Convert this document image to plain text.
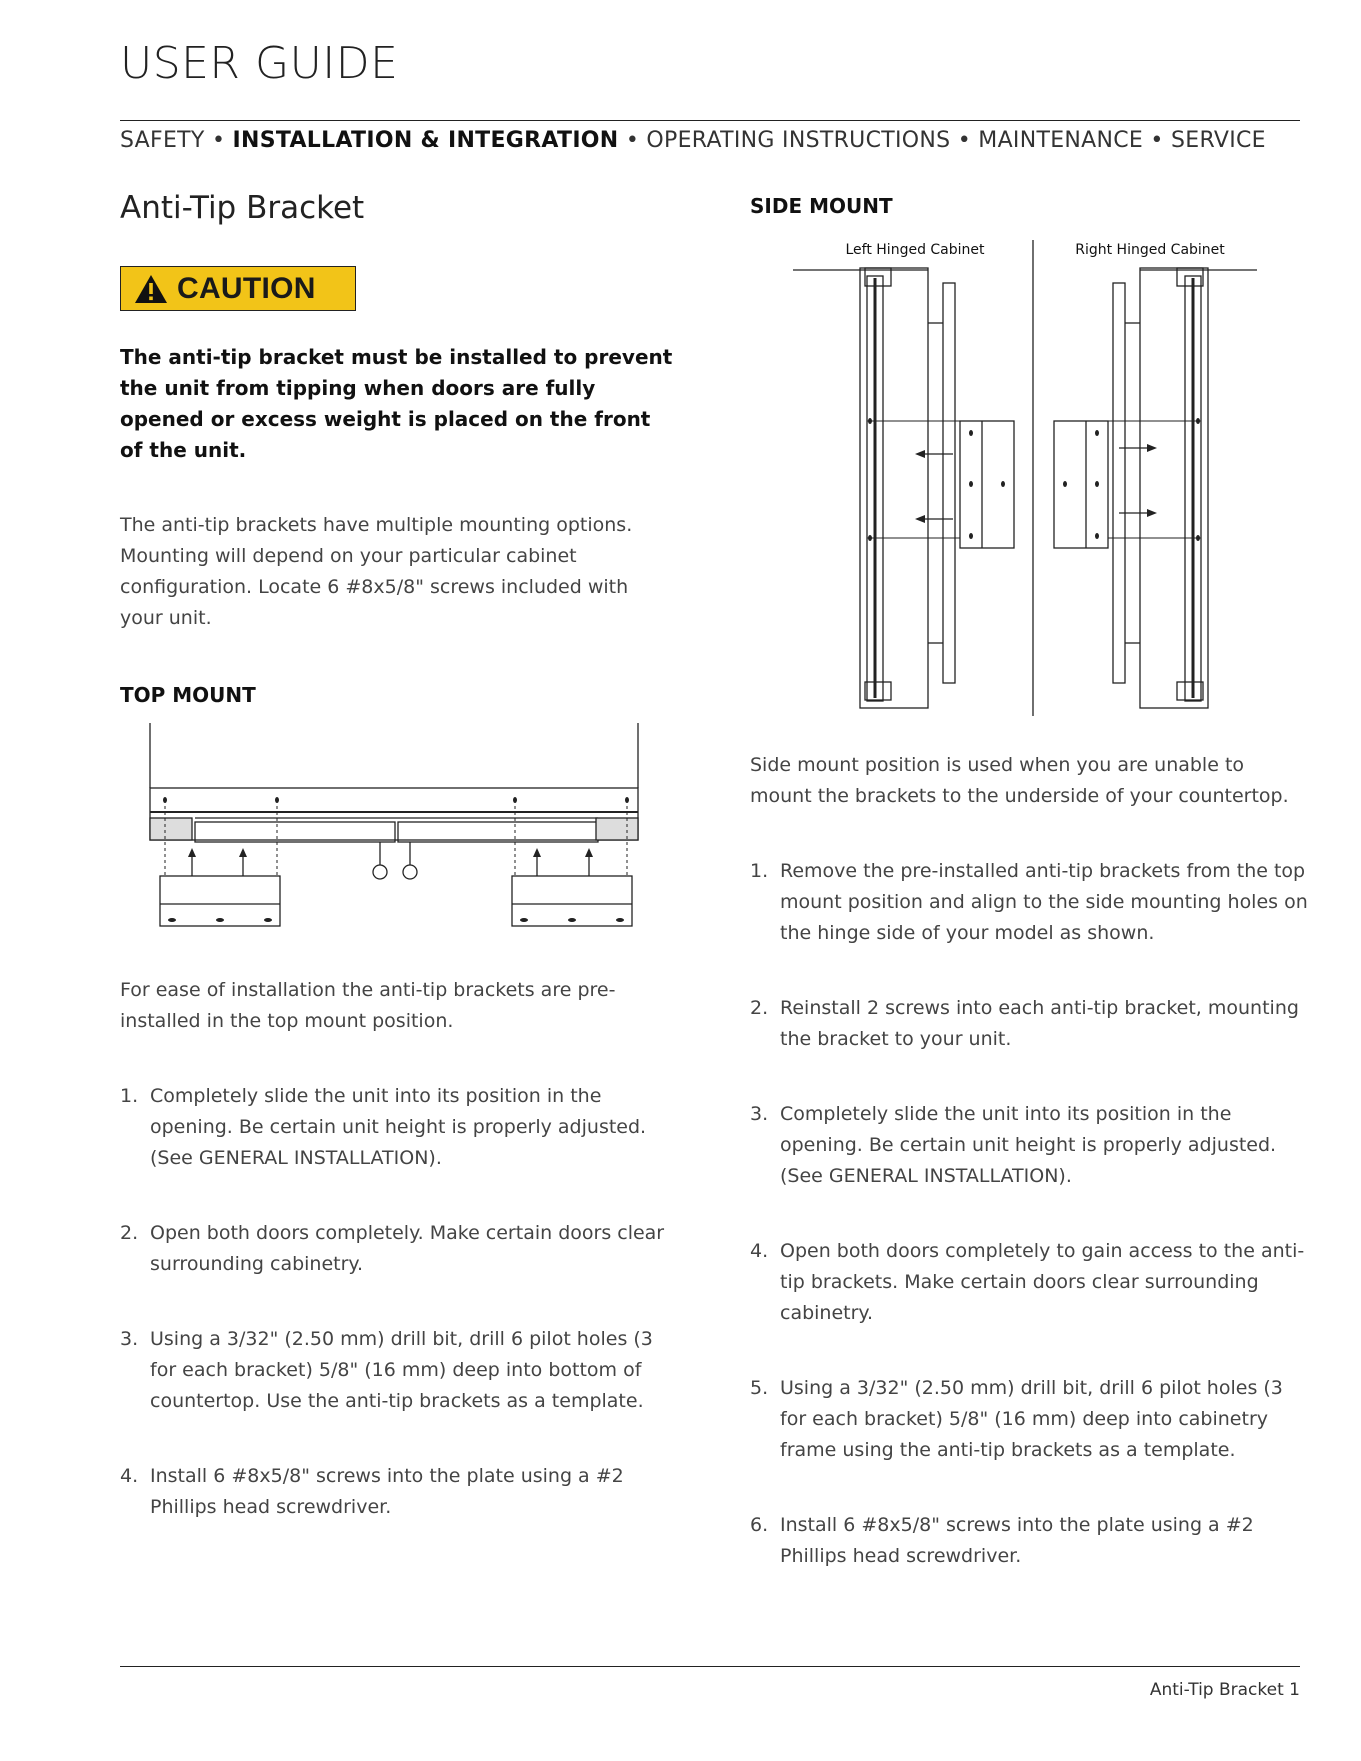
USER GUIDE
SAFETY • INSTALLATION & INTEGRATION • OPERATING INSTRUCTIONS • MAINTENANCE • SERVICE
Anti-Tip Bracket
CAUTION
The anti-tip bracket must be installed to prevent the unit from tipping when doors are fully opened or excess weight is placed on the front of the unit.
The anti-tip brackets have multiple mounting options. Mounting will depend on your particular cabinet configuration. Locate 6 #8x5/8" screws included with your unit.
TOP MOUNT
For ease of installation the anti-tip brackets are pre-installed in the top mount position.
1. Completely slide the unit into its position in the opening. Be certain unit height is properly adjusted. (See GENERAL INSTALLATION).
2. Open both doors completely. Make certain doors clear surrounding cabinetry.
3. Using a 3/32" (2.50 mm) drill bit, drill 6 pilot holes (3 for each bracket) 5/8" (16 mm) deep into bottom of countertop. Use the anti-tip brackets as a template.
4. Install 6 #8x5/8" screws into the plate using a #2 Phillips head screwdriver.
SIDE MOUNT
Left Hinged Cabinet	Right Hinged Cabinet
Side mount position is used when you are unable to mount the brackets to the underside of your countertop.
1. Remove the pre-installed anti-tip brackets from the top mount position and align to the side mounting holes on the hinge side of your model as shown.
2. Reinstall 2 screws into each anti-tip bracket, mounting the bracket to your unit.
3. Completely slide the unit into its position in the opening. Be certain unit height is properly adjusted. (See GENERAL INSTALLATION).
4. Open both doors completely to gain access to the anti-tip brackets. Make certain doors clear surrounding cabinetry.
5. Using a 3/32" (2.50 mm) drill bit, drill 6 pilot holes (3 for each bracket) 5/8" (16 mm) deep into cabinetry frame using the anti-tip brackets as a template.
6. Install 6 #8x5/8" screws into the plate using a #2 Phillips head screwdriver.
Anti-Tip Bracket 1
